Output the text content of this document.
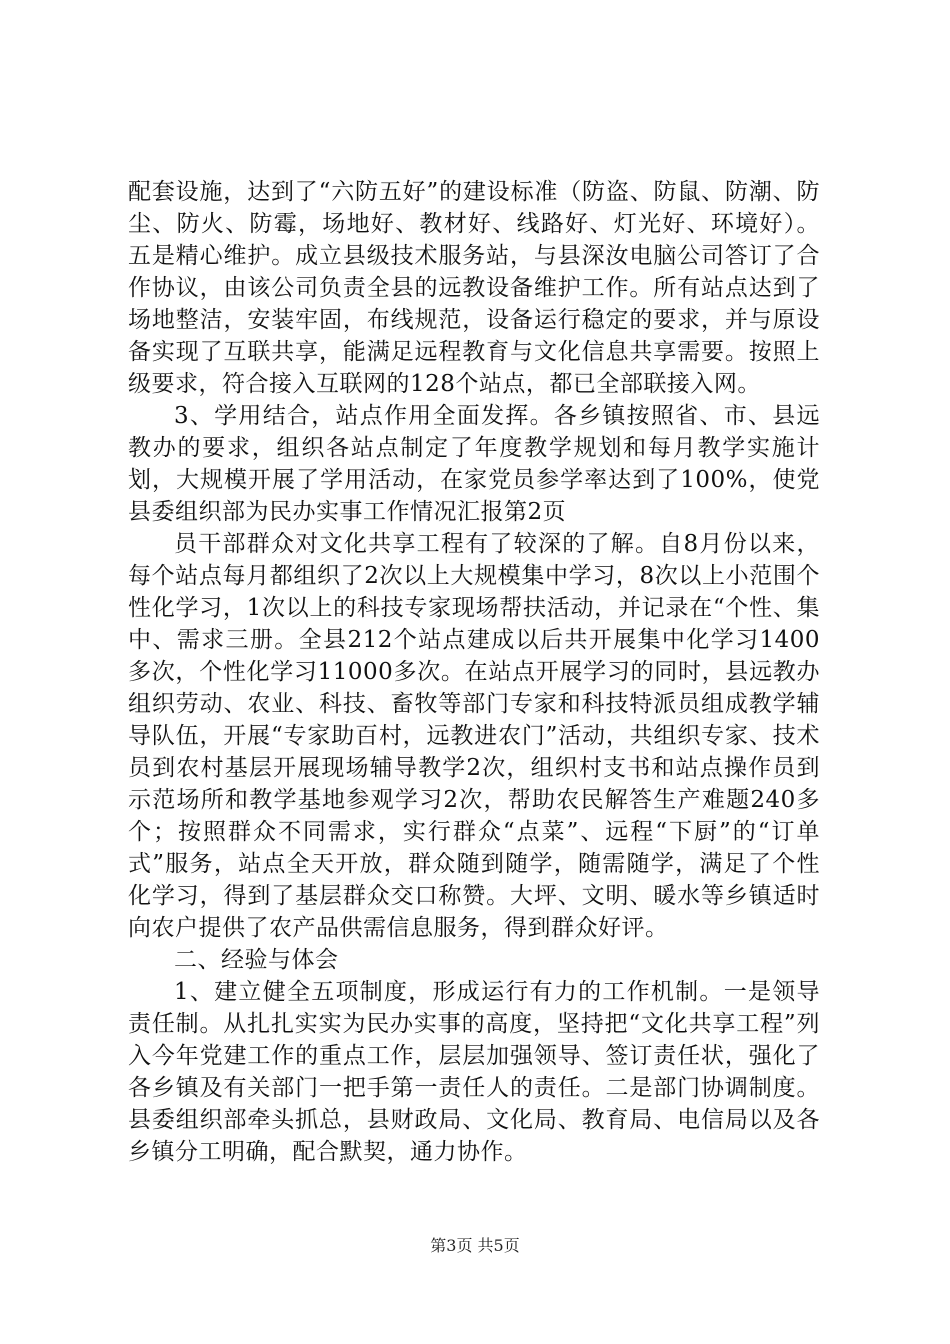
配套设施，达到了“六防五好”的建设标准（防盗、防鼠、防潮、防尘、防火、防霉，场地好、教材好、线路好、灯光好、环境好）。五是精心维护。成立县级技术服务站，与县深汝电脑公司答订了合作协议，由该公司负责全县的远教设备维护工作。所有站点达到了场地整洁，安装牢固，布线规范，设备运行稳定的要求，并与原设备实现了互联共享，能满足远程教育与文化信息共享需要。按照上级要求，符合接入互联网的128个站点，都已全部联接入网。

3、学用结合，站点作用全面发挥。各乡镇按照省、市、县远教办的要求，组织各站点制定了年度教学规划和每月教学实施计划，大规模开展了学用活动，在家党员参学率达到了100%，使党县委组织部为民办实事工作情况汇报第2页

员干部群众对文化共享工程有了较深的了解。自8月份以来，每个站点每月都组织了2次以上大规模集中学习，8次以上小范围个性化学习，1次以上的科技专家现场帮扶活动，并记录在“个性、集中、需求三册。全县212个站点建成以后共开展集中化学习1400多次，个性化学习11000多次。在站点开展学习的同时，县远教办组织劳动、农业、科技、畜牧等部门专家和科技特派员组成教学辅导队伍，开展“专家助百村，远教进农门”活动，共组织专家、技术员到农村基层开展现场辅导教学2次，组织村支书和站点操作员到示范场所和教学基地参观学习2次，帮助农民解答生产难题240多个；按照群众不同需求，实行群众“点菜”、远程“下厨”的“订单式”服务，站点全天开放，群众随到随学，随需随学，满足了个性化学习，得到了基层群众交口称赞。大坪、文明、暖水等乡镇适时向农户提供了农产品供需信息服务，得到群众好评。

二、经验与体会

1、建立健全五项制度，形成运行有力的工作机制。一是领导责任制。从扎扎实实为民办实事的高度，坚持把“文化共享工程”列入今年党建工作的重点工作，层层加强领导、签订责任状，强化了各乡镇及有关部门一把手第一责任人的责任。二是部门协调制度。县委组织部牵头抓总，县财政局、文化局、教育局、电信局以及各乡镇分工明确，配合默契，通力协作。

第3页 共5页
